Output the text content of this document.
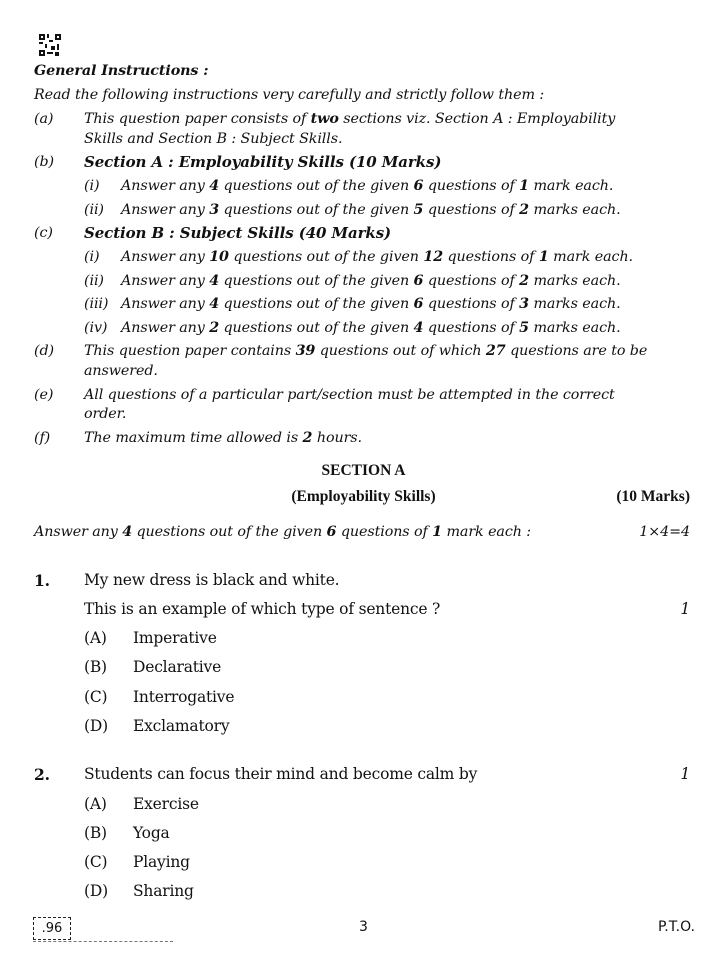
General Instructions :
Read the following instructions very carefully and strictly follow them :
(a) This question paper consists of two sections viz. Section A : Employability
Skills and Section B : Subject Skills.
(b) Section A : Employability Skills (10 Marks)
(i) Answer any 4 questions out of the given 6 questions of 1 mark each.
(ii) Answer any 3 questions out of the given 5 questions of 2 marks each.
(c) Section B : Subject Skills (40 Marks)
(i) Answer any 10 questions out of the given 12 questions of 1 mark each.
(ii) Answer any 4 questions out of the given 6 questions of 2 marks each.
(iii) Answer any 4 questions out of the given 6 questions of 3 marks each.
(iv) Answer any 2 questions out of the given 4 questions of 5 marks each.
(d) This question paper contains 39 questions out of which 27 questions are to be
answered.
(e) All questions of a particular part/section must be attempted in the correct
order.
(f) The maximum time allowed is 2 hours.
SECTION A
(Employability Skills)	(10 Marks)
Answer any 4 questions out of the given 6 questions of 1 mark each :	1×4=4
1. My new dress is black and white.
This is an example of which type of sentence ?	1
(A) Imperative
(B) Declarative
(C) Interrogative
(D) Exclamatory
2. Students can focus their mind and become calm by	1
(A) Exercise
(B) Yoga
(C) Playing
(D) Sharing
.96	3	P.T.O.
